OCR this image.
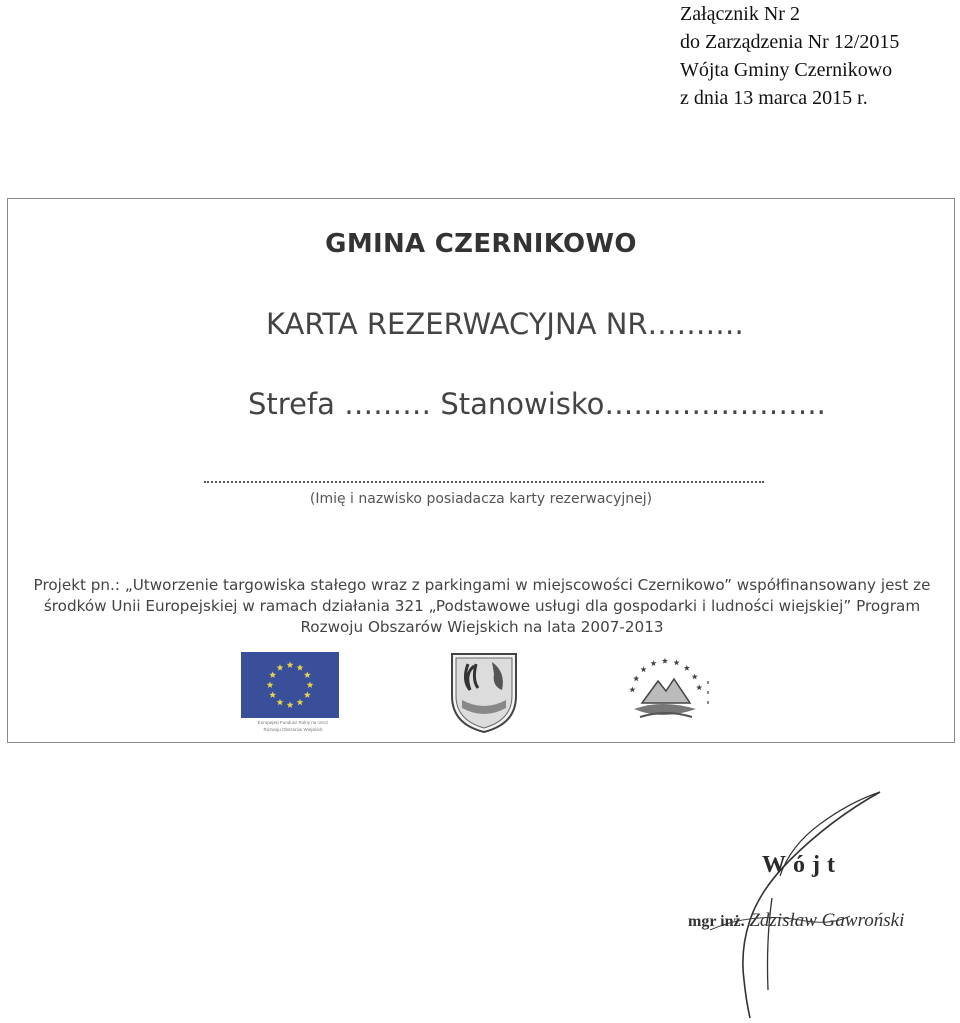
Załącznik Nr 2
do Zarządzenia Nr 12/2015
Wójta Gminy Czernikowo
z dnia 13 marca 2015 r.
GMINA CZERNIKOWO
KARTA REZERWACYJNA NR……….
Strefa ……… Stanowisko…………………..
(Imię i nazwisko posiadacza karty rezerwacyjnej)
Projekt pn.: „Utworzenie targowiska stałego wraz z parkingami w miejscowości Czernikowo” współfinansowany jest ze
środków Unii Europejskiej w ramach działania 321 „Podstawowe usługi dla gospodarki i ludności wiejskiej” Program
Rozwoju Obszarów Wiejskich na lata 2007-2013
Europejski Fundusz Rolny na rzecz
Rozwoju Obszarów Wiejskich
Wójt
mgr inż. Zdzisław Gawroński
